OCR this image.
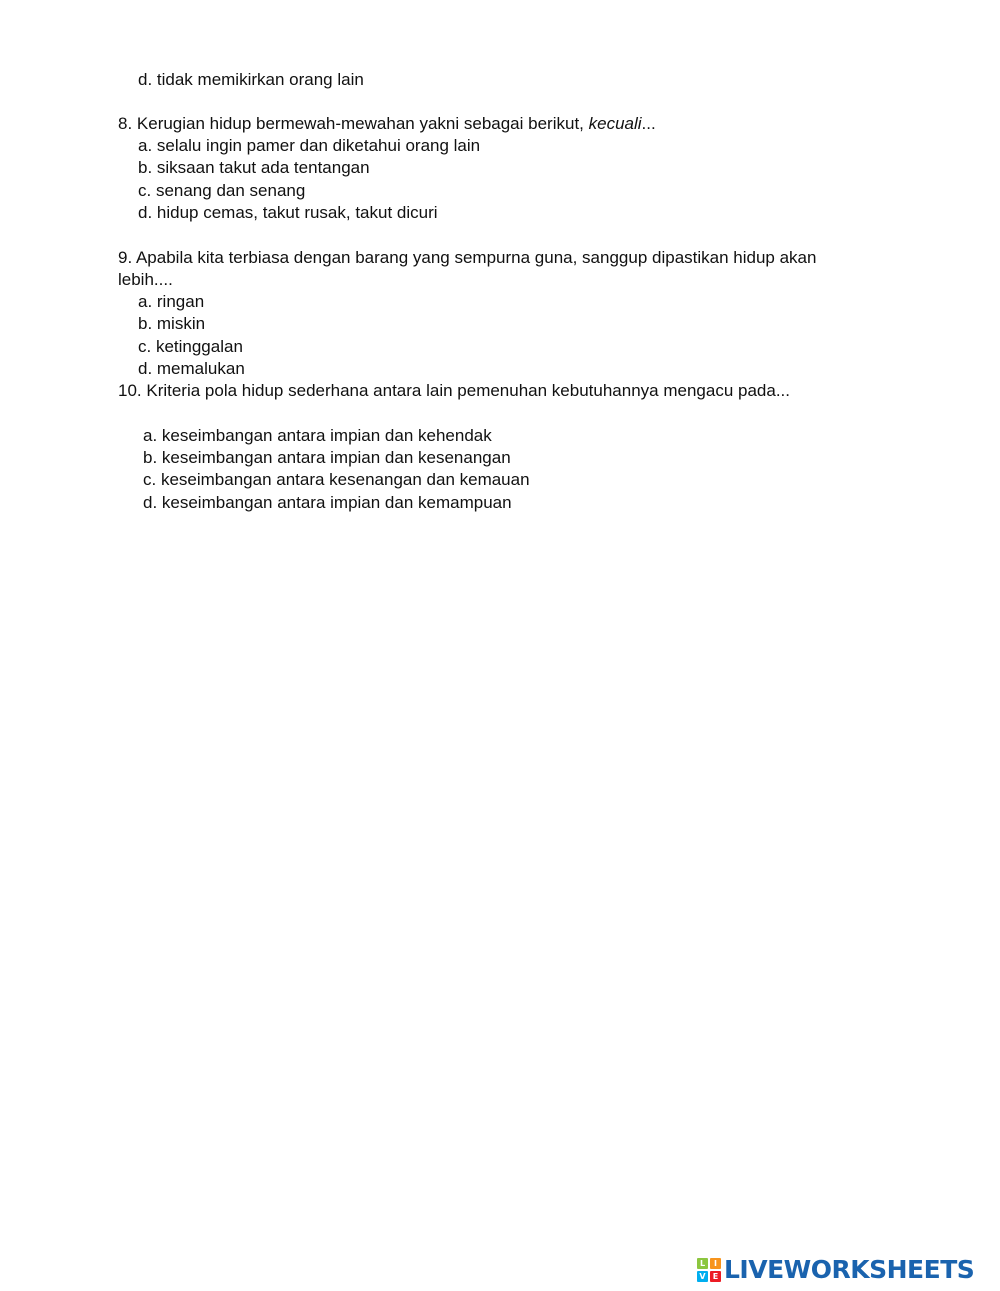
d. tidak memikirkan orang lain

8. Kerugian hidup bermewah-mewahan yakni sebagai berikut, kecuali...

a. selalu ingin pamer dan diketahui orang lain

b. siksaan takut ada tentangan

c. senang dan senang

d. hidup cemas, takut rusak, takut dicuri

9. Apabila kita terbiasa dengan barang yang sempurna guna, sanggup dipastikan hidup akan

lebih....

a. ringan

b. miskin

c. ketinggalan

d. memalukan

10. Kriteria pola hidup sederhana antara lain pemenuhan kebutuhannya mengacu pada...

a. keseimbangan antara impian dan kehendak

b. keseimbangan antara impian dan kesenangan

c. keseimbangan antara kesenangan dan kemauan

d. keseimbangan antara impian dan kemampuan

L	I
V E LIVEWORKSHEETS
